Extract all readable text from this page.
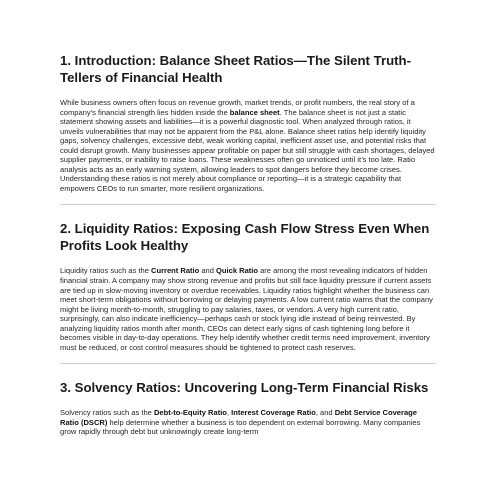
1. Introduction: Balance Sheet Ratios—The Silent Truth-Tellers of Financial Health

While business owners often focus on revenue growth, market trends, or profit numbers, the real story of a company’s financial strength lies hidden inside the balance sheet. The balance sheet is not just a static statement showing assets and liabilities—it is a powerful diagnostic tool. When analyzed through ratios, it unveils vulnerabilities that may not be apparent from the P&L alone. Balance sheet ratios help identify liquidity gaps, solvency challenges, excessive debt, weak working capital, inefficient asset use, and potential risks that could disrupt growth. Many businesses appear profitable on paper but still struggle with cash shortages, delayed supplier payments, or inability to raise loans. These weaknesses often go unnoticed until it’s too late. Ratio analysis acts as an early warning system, allowing leaders to spot dangers before they become crises. Understanding these ratios is not merely about compliance or reporting—it is a strategic capability that empowers CEOs to run smarter, more resilient organizations.

2. Liquidity Ratios: Exposing Cash Flow Stress Even When Profits Look Healthy

Liquidity ratios such as the Current Ratio and Quick Ratio are among the most revealing indicators of hidden financial strain. A company may show strong revenue and profits but still face liquidity pressure if current assets are tied up in slow-moving inventory or overdue receivables. Liquidity ratios highlight whether the business can meet short-term obligations without borrowing or delaying payments. A low current ratio warns that the company might be living month-to-month, struggling to pay salaries, taxes, or vendors. A very high current ratio, surprisingly, can also indicate inefficiency—perhaps cash or stock lying idle instead of being reinvested. By analyzing liquidity ratios month after month, CEOs can detect early signs of cash tightening long before it becomes visible in day-to-day operations. They help identify whether credit terms need improvement, inventory must be reduced, or cost control measures should be tightened to protect cash reserves.

3. Solvency Ratios: Uncovering Long-Term Financial Risks

Solvency ratios such as the Debt-to-Equity Ratio, Interest Coverage Ratio, and Debt Service Coverage Ratio (DSCR) help determine whether a business is too dependent on external borrowing. Many companies grow rapidly through debt but unknowingly create long-term
